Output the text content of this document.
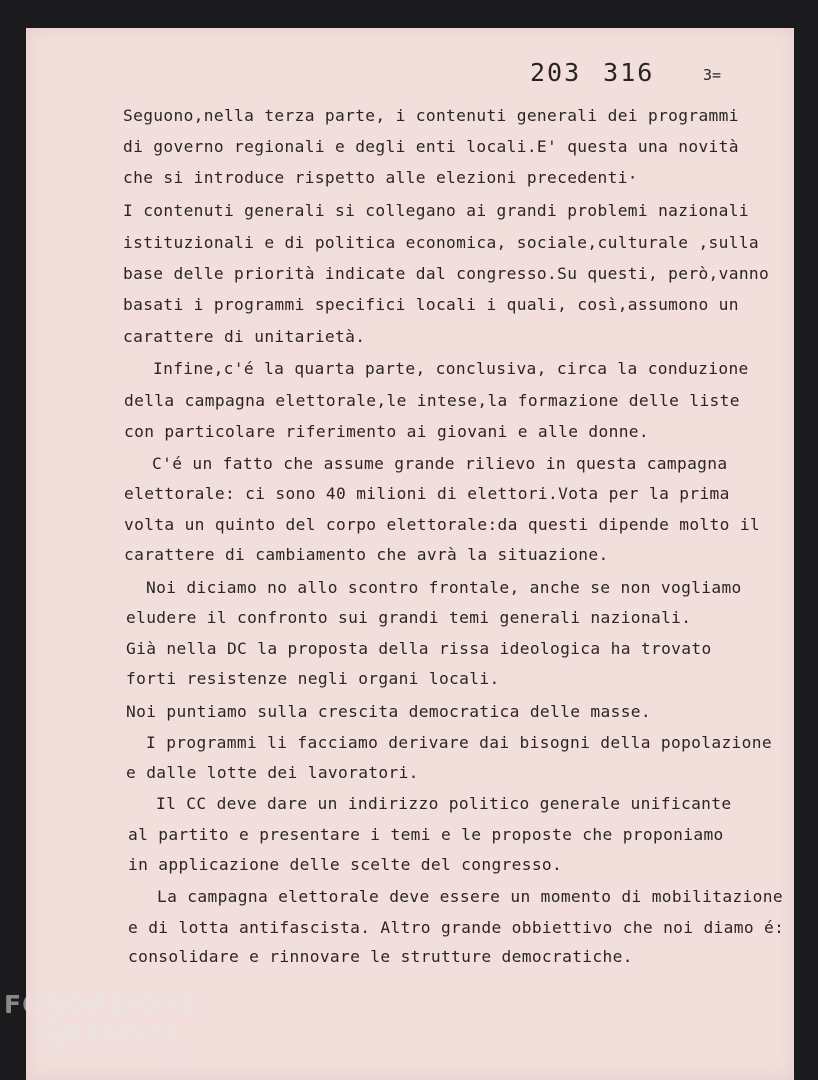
203 316	3=
Seguono,nella terza parte, i contenuti generali dei programmi
di governo regionali e degli enti locali.E' questa una novità
che si introduce rispetto alle elezioni precedenti·
I contenuti generali si collegano ai grandi problemi nazionali
istituzionali e di politica economica, sociale,culturale ,sulla
base delle priorità indicate dal congresso.Su questi, però,vanno
basati i programmi specifici locali i quali, così,assumono un
carattere di unitarietà.
Infine,c'é la quarta parte, conclusiva, circa la conduzione
della campagna elettorale,le intese,la formazione delle liste
con particolare riferimento ai giovani e alle donne.
C'é un fatto che assume grande rilievo in questa campagna
elettorale: ci sono 40 milioni di elettori.Vota per la prima
volta un quinto del corpo elettorale:da questi dipende molto il
carattere di cambiamento che avrà la situazione.
Noi diciamo no allo scontro frontale, anche se non vogliamo
eludere il confronto sui grandi temi generali nazionali.
Già nella DC la proposta della rissa ideologica ha trovato
forti resistenze negli organi locali.
Noi puntiamo sulla crescita democratica delle masse.
I programmi li facciamo derivare dai bisogni della popolazione
e dalle lotte dei lavoratori.
Il CC deve dare un indirizzo politico generale unificante
al partito e presentare i temi e le proposte che proponiamo
in applicazione delle scelte del congresso.
La campagna elettorale deve essere un momento di mobilitazione
e di lotta antifascista. Altro grande obbiettivo che noi diamo é:
consolidare e rinnovare le strutture democratiche.
FONDAZIONE
RAMSCI
onlus
